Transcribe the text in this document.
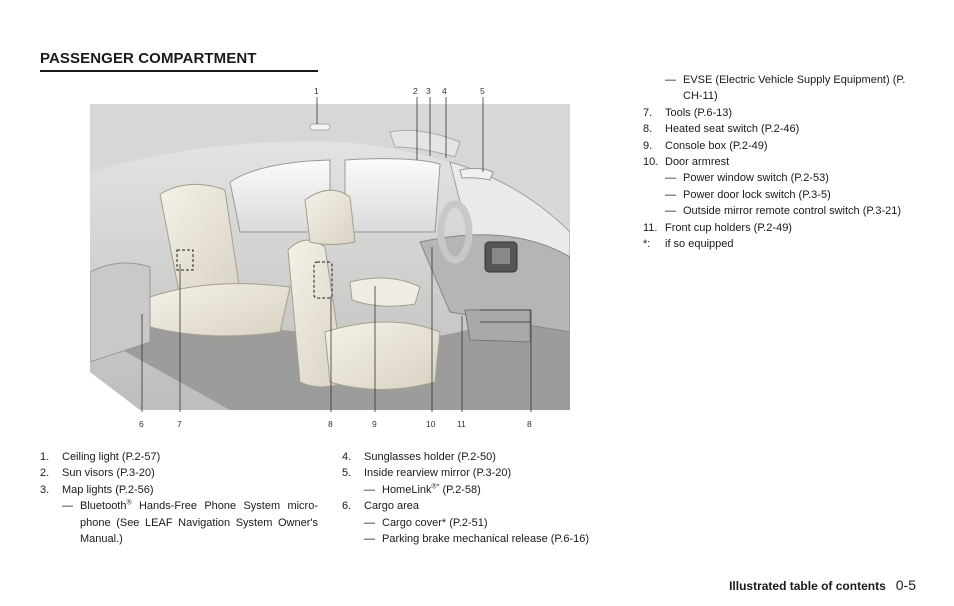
PASSENGER COMPARTMENT
1	2 3 4	5
6	7	8	9	10	11	8
1. Ceiling light (P.2-57)
2. Sun visors (P.3-20)
3. Map lights (P.2-56)
— Bluetooth® Hands-Free Phone System micro-phone (See LEAF Navigation System Owner's Manual.)
4. Sunglasses holder (P.2-50)
5. Inside rearview mirror (P.3-20)
— HomeLink®* (P.2-58)
6. Cargo area
— Cargo cover* (P.2-51)
— Parking brake mechanical release (P.6-16)
— EVSE (Electric Vehicle Supply Equipment) (P. CH-11)
7. Tools (P.6-13)
8. Heated seat switch (P.2-46)
9. Console box (P.2-49)
10. Door armrest
— Power window switch (P.2-53)
— Power door lock switch (P.3-5)
— Outside mirror remote control switch (P.3-21)
11. Front cup holders (P.2-49)
*: if so equipped
Illustrated table of contents 0-5
